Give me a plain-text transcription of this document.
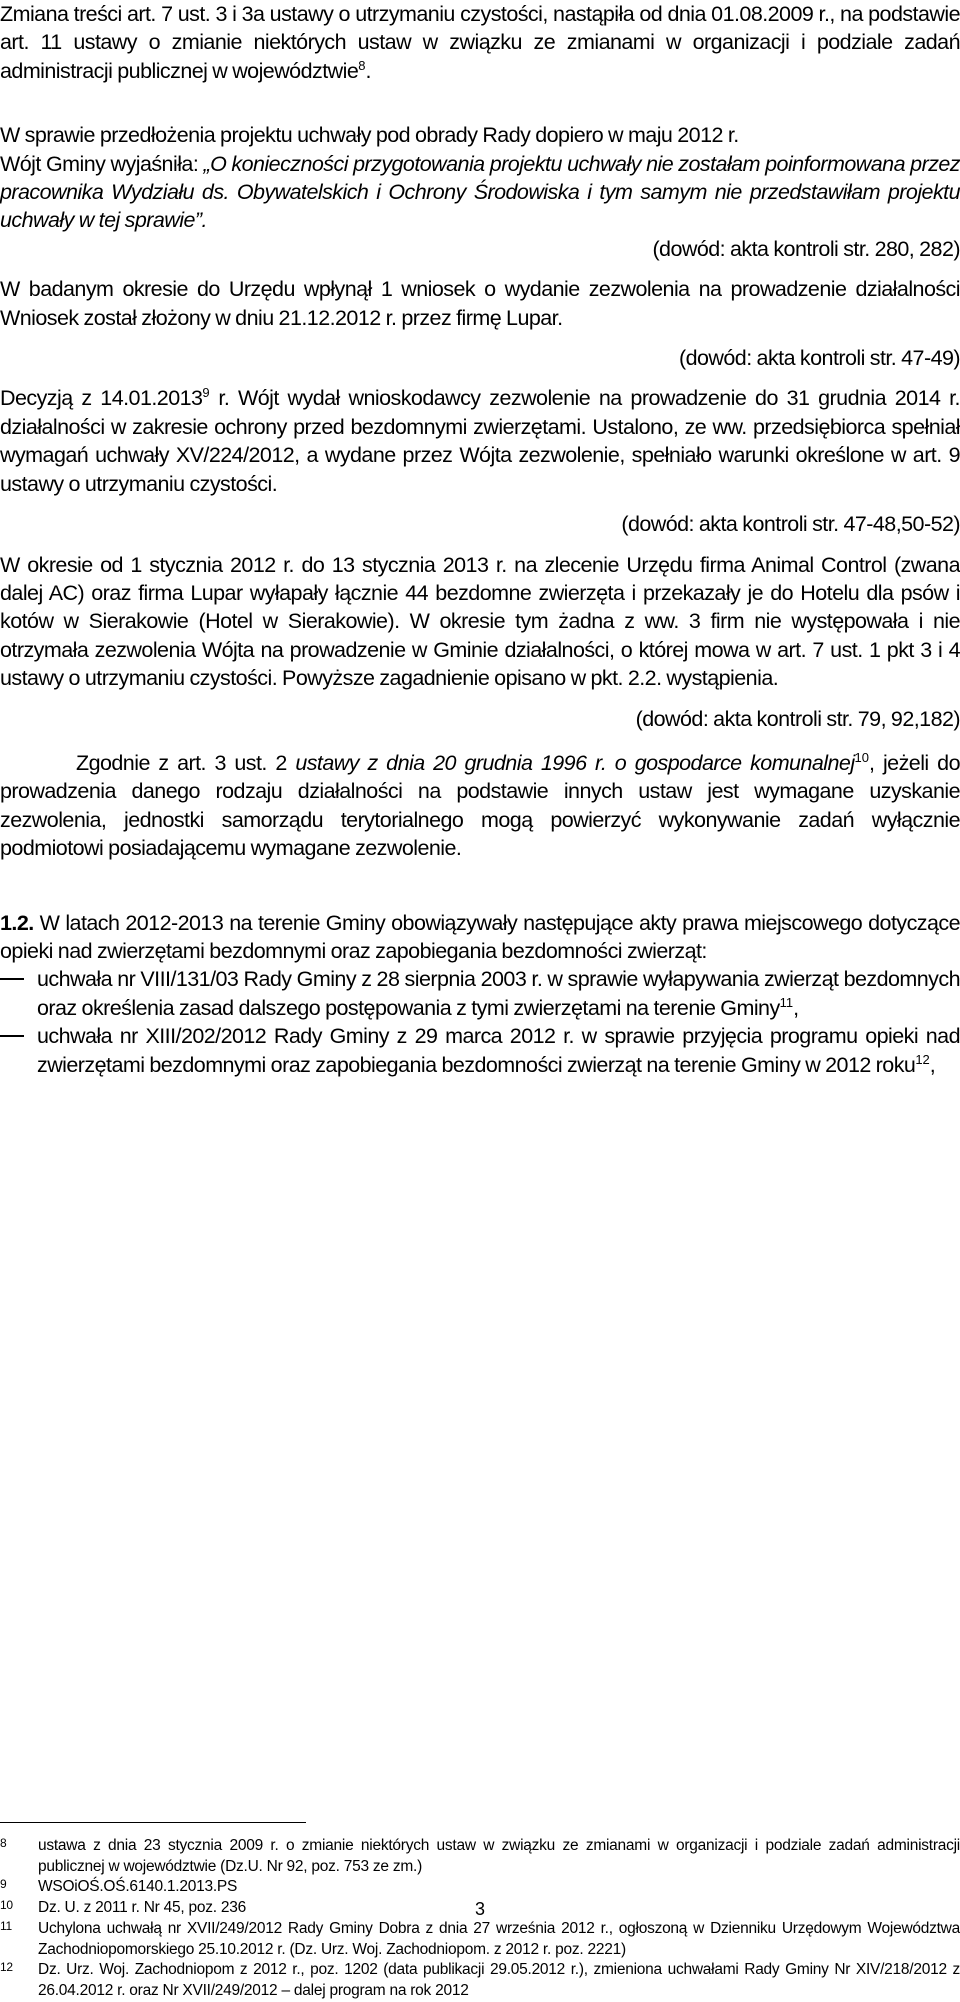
Zmiana treści art. 7 ust. 3 i 3a ustawy o utrzymaniu czystości, nastąpiła od dnia 01.08.2009 r., na podstawie art. 11 ustawy o zmianie niektórych ustaw w związku ze zmianami w organizacji i podziale zadań administracji publicznej w województwie$^8$.

W sprawie przedłożenia projektu uchwały pod obrady Rady dopiero w maju 2012 r.

Wójt Gminy wyjaśniła: „O konieczności przygotowania projektu uchwały nie zostałam poinformowana przez pracownika Wydziału ds. Obywatelskich i Ochrony Środowiska i tym samym nie przedstawiłam projektu uchwały w tej sprawie”.

(dowód: akta kontroli str. 280, 282)

W badanym okresie do Urzędu wpłynął 1 wniosek o wydanie zezwolenia na prowadzenie działalności Wniosek został złożony w dniu 21.12.2012 r. przez firmę Lupar.

(dowód: akta kontroli str. 47-49)

Decyzją z 14.01.2013$^9$ r. Wójt wydał wnioskodawcy zezwolenie na prowadzenie do 31 grudnia 2014 r. działalności w zakresie ochrony przed bezdomnymi zwierzętami. Ustalono, ze ww. przedsiębiorca spełniał wymagań uchwały XV/224/2012, a wydane przez Wójta zezwolenie, spełniało warunki określone w art. 9 ustawy o utrzymaniu czystości.

(dowód: akta kontroli str. 47-48,50-52)

W okresie od 1 stycznia 2012 r. do 13 stycznia 2013 r. na zlecenie Urzędu firma Animal Control (zwana dalej AC) oraz firma Lupar wyłapały łącznie 44 bezdomne zwierzęta i przekazały je do Hotelu dla psów i kotów w Sierakowie (Hotel w Sierakowie). W okresie tym żadna z ww. 3 firm nie występowała i nie otrzymała zezwolenia Wójta na prowadzenie w Gminie działalności, o której mowa w art. 7 ust. 1 pkt 3 i 4 ustawy o utrzymaniu czystości. Powyższe zagadnienie opisano w pkt. 2.2. wystąpienia.

(dowód: akta kontroli str. 79, 92,182)

Zgodnie z art. 3 ust. 2 ustawy z dnia 20 grudnia 1996 r. o gospodarce komunalnej$^{10}$, jeżeli do prowadzenia danego rodzaju działalności na podstawie innych ustaw jest wymagane uzyskanie zezwolenia, jednostki samorządu terytorialnego mogą powierzyć wykonywanie zadań wyłącznie podmiotowi posiadającemu wymagane zezwolenie.

1.2. W latach 2012-2013 na terenie Gminy obowiązywały następujące akty prawa miejscowego dotyczące opieki nad zwierzętami bezdomnymi oraz zapobiegania bezdomności zwierząt:

uchwała nr VIII/131/03 Rady Gminy z 28 sierpnia 2003 r. w sprawie wyłapywania zwierząt bezdomnych oraz określenia zasad dalszego postępowania z tymi zwierzętami na terenie Gminy$^{11}$,
uchwała nr XIII/202/2012 Rady Gminy z 29 marca 2012 r. w sprawie przyjęcia programu opieki nad zwierzętami bezdomnymi oraz zapobiegania bezdomności zwierząt na terenie Gminy w 2012 roku$^{12}$,
8 ustawa z dnia 23 stycznia 2009 r. o zmianie niektórych ustaw w związku ze zmianami w organizacji i podziale zadań administracji publicznej w województwie (Dz.U. Nr 92, poz. 753 ze zm.)
9 WSOiOŚ.OŚ.6140.1.2013.PS
10 Dz. U. z 2011 r. Nr 45, poz. 236
11 Uchylona uchwałą nr XVII/249/2012 Rady Gminy Dobra z dnia 27 września 2012 r., ogłoszoną w Dzienniku Urzędowym Województwa Zachodniopomorskiego 25.10.2012 r. (Dz. Urz. Woj. Zachodniopom. z 2012 r. poz. 2221)
12 Dz. Urz. Woj. Zachodniopom z 2012 r., poz. 1202 (data publikacji 29.05.2012 r.), zmieniona uchwałami Rady Gminy Nr XIV/218/2012 z 26.04.2012 r. oraz Nr XVII/249/2012 – dalej program na rok 2012
3
